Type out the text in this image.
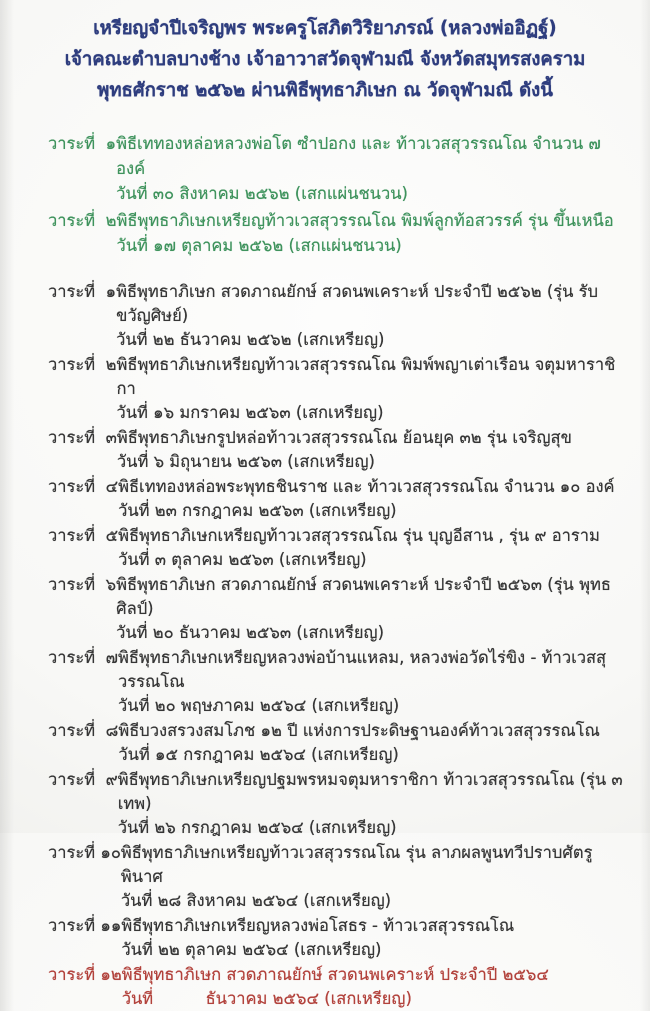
เหรียญจำปีเจริญพร พระครูโสภิตวิริยาภรณ์ (หลวงพ่ออิฏฐ์)
เจ้าคณะตำบลบางช้าง เจ้าอาวาสวัดจุฬามณี จังหวัดสมุทรสงคราม
พุทธศักราช ๒๕๖๒ ผ่านพิธีพุทธาภิเษก ณ วัดจุฬามณี ดังนี้
วาระที่  ๑ พิธีเททองหล่อหลวงพ่อโต ซำปอกง และ ท้าวเวสสุวรรณโณ จำนวน ๗ องค์
วันที่ ๓๐ สิงหาคม ๒๕๖๒ (เสกแผ่นชนวน)
วาระที่  ๒ พิธีพุทธาภิเษกเหรียญท้าวเวสสุวรรณโณ พิมพ์ลูกท้อสวรรค์ รุ่น ขึ้นเหนือ
วันที่ ๑๗ ตุลาคม ๒๕๖๒ (เสกแผ่นชนวน)
วาระที่  ๑ พิธีพุทธาภิเษก สวดภาณยักษ์ สวดนพเคราะห์ ประจำปี ๒๕๖๒ (รุ่น รับขวัญศิษย์)
วันที่ ๒๒ ธันวาคม ๒๕๖๒ (เสกเหรียญ)
วาระที่  ๒ พิธีพุทธาภิเษกเหรียญท้าวเวสสุวรรณโณ พิมพ์พญาเต่าเรือน จตุมหาราชิกา
วันที่ ๑๖ มกราคม ๒๕๖๓ (เสกเหรียญ)
วาระที่  ๓ พิธีพุทธาภิเษกรูปหล่อท้าวเวสสุวรรณโณ ย้อนยุค ๓๒ รุ่น เจริญสุข
วันที่ ๖ มิถุนายน ๒๕๖๓ (เสกเหรียญ)
วาระที่  ๔ พิธีเททองหล่อพระพุทธชินราช และ ท้าวเวสสุวรรณโณ จำนวน ๑๐ องค์
วันที่ ๒๓ กรกฎาคม ๒๕๖๓ (เสกเหรียญ)
วาระที่  ๕ พิธีพุทธาภิเษกเหรียญท้าวเวสสุวรรณโณ รุ่น บุญอีสาน , รุ่น ๙ อาราม
วันที่ ๓ ตุลาคม ๒๕๖๓ (เสกเหรียญ)
วาระที่  ๖ พิธีพุทธาภิเษก สวดภาณยักษ์ สวดนพเคราะห์ ประจำปี ๒๕๖๓ (รุ่น พุทธศิลป์)
วันที่ ๒๐ ธันวาคม ๒๕๖๓ (เสกเหรียญ)
วาระที่  ๗ พิธีพุทธาภิเษกเหรียญหลวงพ่อบ้านแหลม, หลวงพ่อวัดไร่ขิง - ท้าวเวสสุวรรณโณ
วันที่ ๒๐ พฤษภาคม ๒๕๖๔ (เสกเหรียญ)
วาระที่  ๘ พิธีบวงสรวงสมโภช ๑๒ ปี แห่งการประดิษฐานองค์ท้าวเวสสุวรรณโณ
วันที่ ๑๕ กรกฎาคม ๒๕๖๔ (เสกเหรียญ)
วาระที่  ๙ พิธีพุทธาภิเษกเหรียญปฐมพรหมจตุมหาราชิกา ท้าวเวสสุวรรณโณ (รุ่น ๓ เทพ)
วันที่ ๒๖ กรกฎาคม ๒๕๖๔ (เสกเหรียญ)
วาระที่ ๑๐ พิธีพุทธาภิเษกเหรียญท้าวเวสสุวรรณโณ รุ่น ลาภผลพูนทวีปราบศัตรูพินาศ
วันที่ ๒๘ สิงหาคม ๒๕๖๔ (เสกเหรียญ)
วาระที่ ๑๑ พิธีพุทธาภิเษกเหรียญหลวงพ่อโสธร - ท้าวเวสสุวรรณโณ
วันที่ ๒๒ ตุลาคม ๒๕๖๔ (เสกเหรียญ)
วาระที่ ๑๒ พิธีพุทธาภิเษก สวดภาณยักษ์ สวดนพเคราะห์ ประจำปี ๒๕๖๔
วันที่          ธันวาคม ๒๕๖๔ (เสกเหรียญ)
